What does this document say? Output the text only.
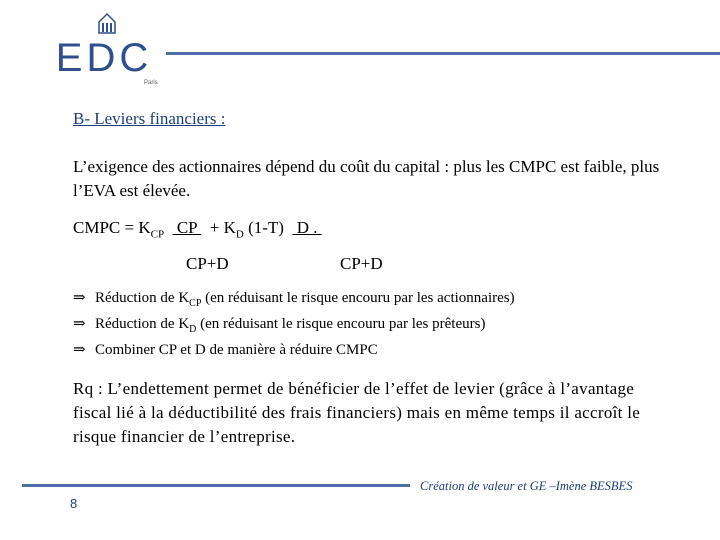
EDC
Paris
B- Leviers financiers :
L’exigence des actionnaires dépend du coût du capital : plus les CMPC est faible, plus l’EVA est élevée.
CMPC = $K_{CP}$   CP   + $K_D$ (1-T)   D .
CP+D	CP+D
⇒ Réduction de $K_{CP}$ (en réduisant le risque encouru par les actionnaires)
⇒ Réduction de $K_D$ (en réduisant le risque encouru par les prêteurs)
⇒ Combiner CP et D de manière à réduire CMPC
Rq : L’endettement permet de bénéficier de l’effet de levier (grâce à l’avantage fiscal lié à la déductibilité des frais financiers) mais en même temps il accroît le risque financier de l’entreprise.
Création de valeur et GE –Imène BESBES
8
